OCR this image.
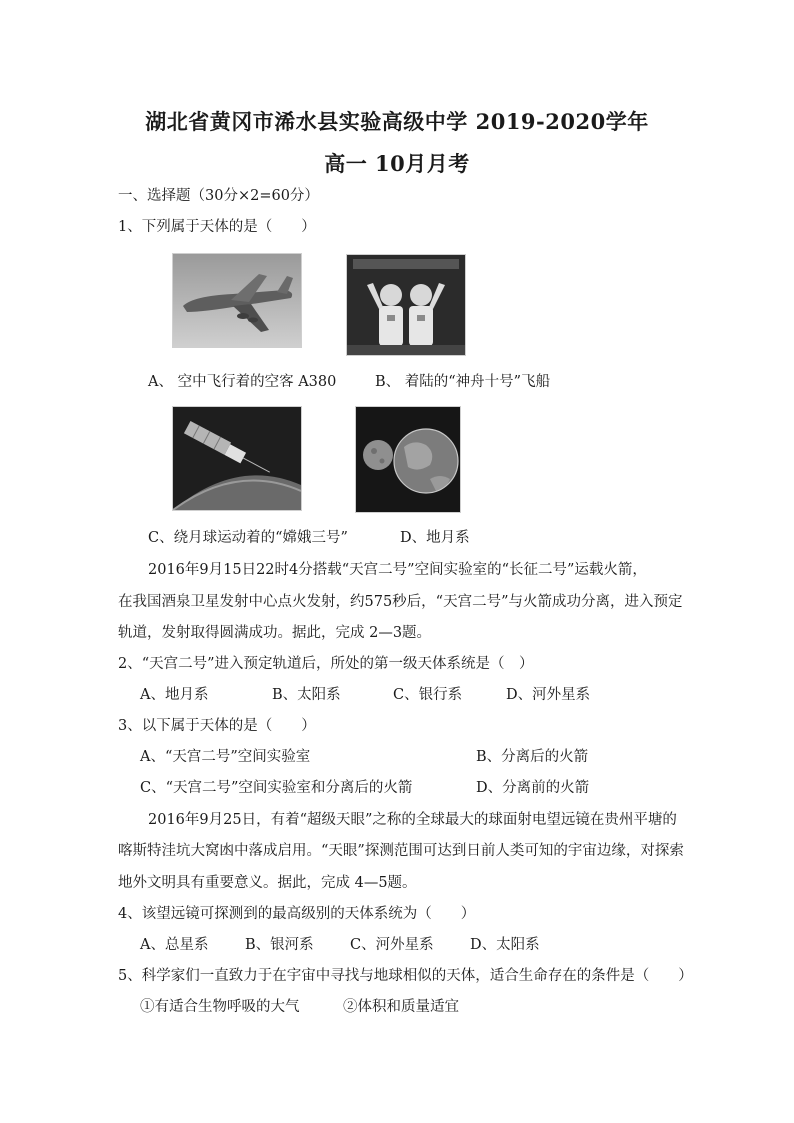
湖北省黄冈市浠水县实验高级中学 2019-2020学年
高一 10月月考
一、选择题（30分×2=60分）
1、下列属于天体的是（　　）
A、 空中飞行着的空客 A380	B、 着陆的“神舟十号”飞船
C、绕月球运动着的“嫦娥三号”	D、地月系
2016年9月15日22时4分搭载“天宫二号”空间实验室的“长征二号”运载火箭，
在我国酒泉卫星发射中心点火发射，约575秒后，“天宫二号”与火箭成功分离，进入预定
轨道，发射取得圆满成功。据此，完成 2—3题。
2、“天宫二号”进入预定轨道后，所处的第一级天体系统是（　）
A、地月系	B、太阳系	C、银行系	D、河外星系
3、以下属于天体的是（　　）
A、“天宫二号”空间实验室	B、分离后的火箭
C、“天宫二号”空间实验室和分离后的火箭	D、分离前的火箭
2016年9月25日，有着“超级天眼”之称的全球最大的球面射电望远镜在贵州平塘的
喀斯特洼坑大窝凼中落成启用。“天眼”探测范围可达到日前人类可知的宇宙边缘，对探索
地外文明具有重要意义。据此，完成 4—5题。
4、该望远镜可探测到的最高级别的天体系统为（　　）
A、总星系	B、银河系	C、河外星系	D、太阳系
5、科学家们一直致力于在宇宙中寻找与地球相似的天体，适合生命存在的条件是（　　）
①有适合生物呼吸的大气	②体积和质量适宜
